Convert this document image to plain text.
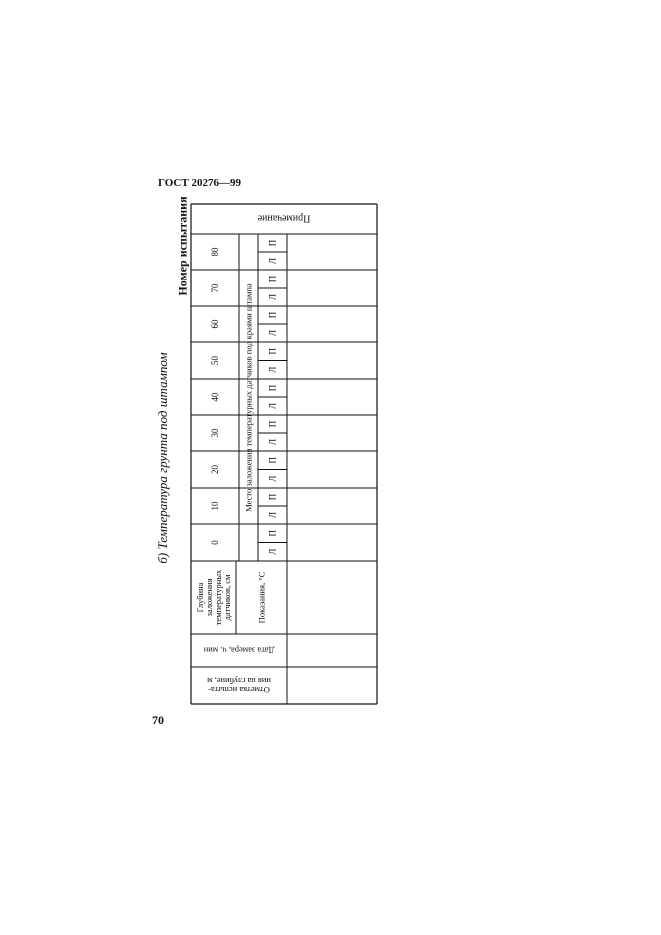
ГОСТ 20276—99
б) Температура грунта под штампом
Номер испытания	Примечание
0
Л
П
10
Л
П
20
Л
П
30
Л
П
40
Л
П
50
Л
П
60
Л
П
70
Л
П
80
Л
П
Место заложения температурных датчиков под краями штампа
Глубиназаложениятемпературныхдатчиков, см	Показания, °С
Дата замера, ч, мин
Отметка испыта-ния на глубине, м
70
